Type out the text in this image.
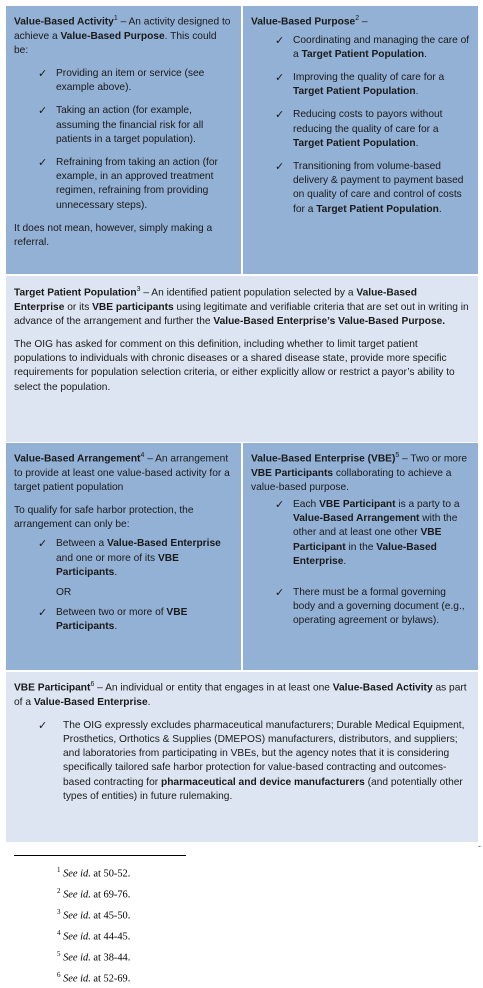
Value-Based Activity$^1$ – An activity designed to achieve a Value-Based Purpose. This could be:

✓ Providing an item or service (see example above).
✓ Taking an action (for example, assuming the financial risk for all patients in a target population).
✓ Refraining from taking an action (for example, in an approved treatment regimen, refraining from providing unnecessary steps).

It does not mean, however, simply making a referral.

Value-Based Purpose$^2$ –

✓ Coordinating and managing the care of a Target Patient Population.
✓ Improving the quality of care for a Target Patient Population.
✓ Reducing costs to payors without reducing the quality of care for a Target Patient Population.
✓ Transitioning from volume-based delivery & payment to payment based on quality of care and control of costs for a Target Patient Population.

Target Patient Population$^3$ – An identified patient population selected by a Value-Based Enterprise or its VBE participants using legitimate and verifiable criteria that are set out in writing in advance of the arrangement and further the Value-Based Enterprise’s Value-Based Purpose.

The OIG has asked for comment on this definition, including whether to limit target patient populations to individuals with chronic diseases or a shared disease state, provide more specific requirements for population selection criteria, or either explicitly allow or restrict a payor’s ability to select the population.

Value-Based Arrangement$^4$ – An arrangement to provide at least one value-based activity for a target patient population

To qualify for safe harbor protection, the arrangement can only be:

✓ Between a Value-Based Enterprise and one or more of its VBE Participants.

OR

✓ Between two or more of VBE Participants.

Value-Based Enterprise (VBE)$^5$ – Two or more VBE Participants collaborating to achieve a value-based purpose.

✓ Each VBE Participant is a party to a Value-Based Arrangement with the other and at least one other VBE Participant in the Value-Based Enterprise.
✓ There must be a formal governing body and a governing document (e.g., operating agreement or bylaws).

VBE Participant$^6$ – An individual or entity that engages in at least one Value-Based Activity as part of a Value-Based Enterprise.

✓ The OIG expressly excludes pharmaceutical manufacturers; Durable Medical Equipment, Prosthetics, Orthotics & Supplies (DMEPOS) manufacturers, distributors, and suppliers; and laboratories from participating in VBEs, but the agency notes that it is considering specifically tailored safe harbor protection for value-based contracting and outcomes-based contracting for pharmaceutical and device manufacturers (and potentially other types of entities) in future rulemaking.
-
$^1$ See id. at 50-52.
$^2$ See id. at 69-76.
$^3$ See id. at 45-50.
$^4$ See id. at 44-45.
$^5$ See id. at 38-44.
$^6$ See id. at 52-69.
